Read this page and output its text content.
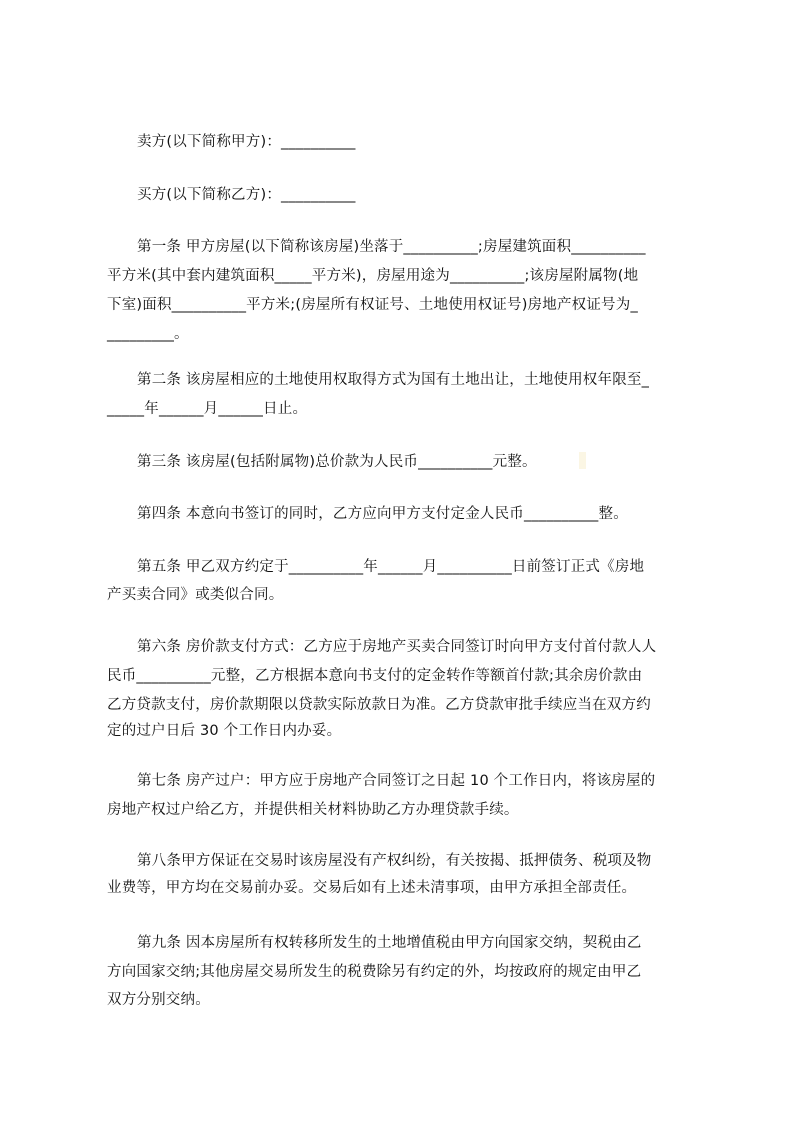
卖方(以下简称甲方)：__________
买方(以下简称乙方)：__________
第一条 甲方房屋(以下简称该房屋)坐落于__________;房屋建筑面积__________
平方米(其中套内建筑面积_____平方米)，房屋用途为__________;该房屋附属物(地
下室)面积__________平方米;(房屋所有权证号、土地使用权证号)房地产权证号为_
_________。
第二条 该房屋相应的土地使用权取得方式为国有土地出让，土地使用权年限至_
_____年______月______日止。
第三条 该房屋(包括附属物)总价款为人民币__________元整。
第四条 本意向书签订的同时，乙方应向甲方支付定金人民币__________整。
第五条 甲乙双方约定于__________年______月__________日前签订正式《房地
产买卖合同》或类似合同。
第六条 房价款支付方式：乙方应于房地产买卖合同签订时向甲方支付首付款人人
民币__________元整，乙方根据本意向书支付的定金转作等额首付款;其余房价款由
乙方贷款支付，房价款期限以贷款实际放款日为准。乙方贷款审批手续应当在双方约
定的过户日后 30 个工作日内办妥。
第七条 房产过户：甲方应于房地产合同签订之日起 10 个工作日内，将该房屋的
房地产权过户给乙方，并提供相关材料协助乙方办理贷款手续。
第八条甲方保证在交易时该房屋没有产权纠纷，有关按揭、抵押债务、税项及物
业费等，甲方均在交易前办妥。交易后如有上述未清事项，由甲方承担全部责任。
第九条 因本房屋所有权转移所发生的土地增值税由甲方向国家交纳，契税由乙
方向国家交纳;其他房屋交易所发生的税费除另有约定的外，均按政府的规定由甲乙
双方分别交纳。
